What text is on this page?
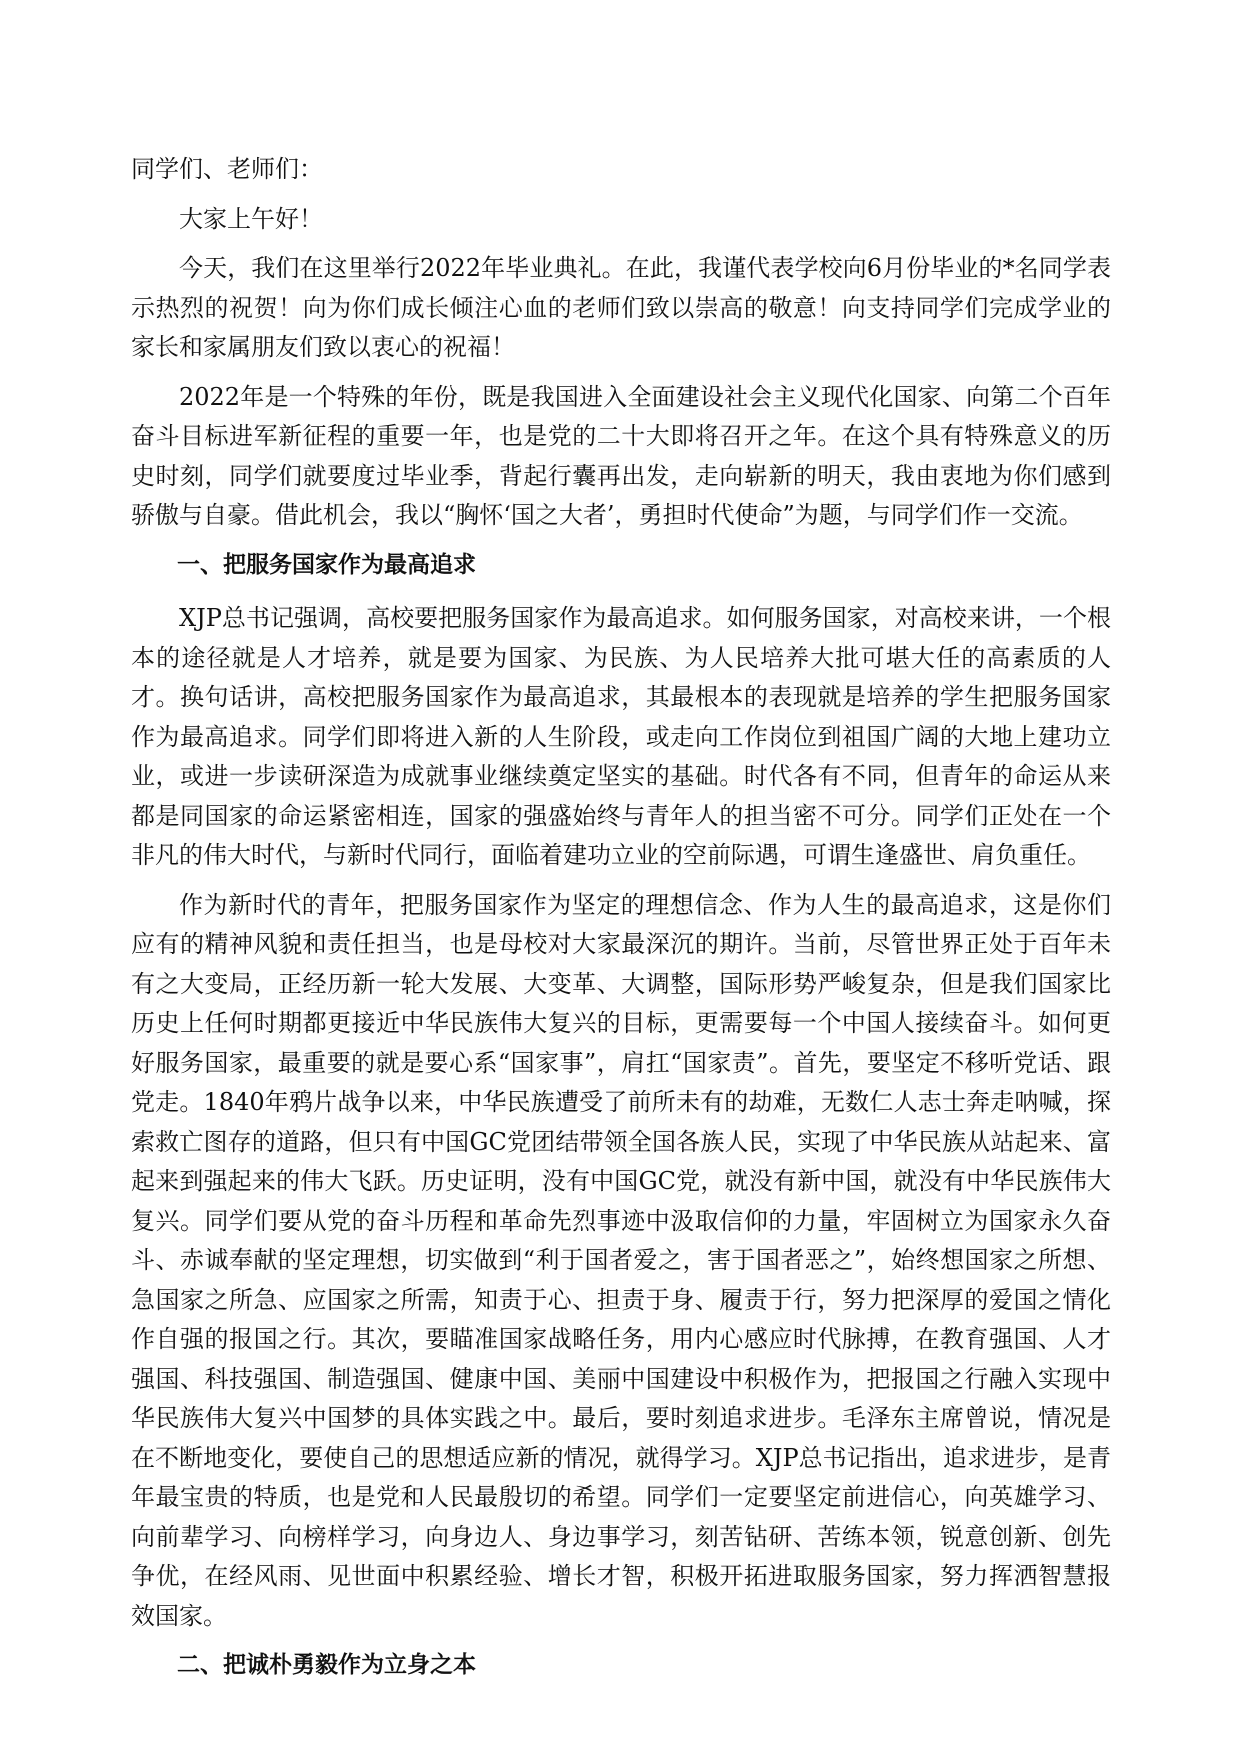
同学们、老师们：

大家上午好！

今天，我们在这里举行2022年毕业典礼。在此，我谨代表学校向6月份毕业的*名同学表示热烈的祝贺！向为你们成长倾注心血的老师们致以崇高的敬意！向支持同学们完成学业的家长和家属朋友们致以衷心的祝福！

2022年是一个特殊的年份，既是我国进入全面建设社会主义现代化国家、向第二个百年奋斗目标进军新征程的重要一年，也是党的二十大即将召开之年。在这个具有特殊意义的历史时刻，同学们就要度过毕业季，背起行囊再出发，走向崭新的明天，我由衷地为你们感到骄傲与自豪。借此机会，我以“胸怀‘国之大者’，勇担时代使命”为题，与同学们作一交流。

一、把服务国家作为最高追求

XJP总书记强调，高校要把服务国家作为最高追求。如何服务国家，对高校来讲，一个根本的途径就是人才培养，就是要为国家、为民族、为人民培养大批可堪大任的高素质的人才。换句话讲，高校把服务国家作为最高追求，其最根本的表现就是培养的学生把服务国家作为最高追求。同学们即将进入新的人生阶段，或走向工作岗位到祖国广阔的大地上建功立业，或进一步读研深造为成就事业继续奠定坚实的基础。时代各有不同，但青年的命运从来都是同国家的命运紧密相连，国家的强盛始终与青年人的担当密不可分。同学们正处在一个非凡的伟大时代，与新时代同行，面临着建功立业的空前际遇，可谓生逢盛世、肩负重任。

作为新时代的青年，把服务国家作为坚定的理想信念、作为人生的最高追求，这是你们应有的精神风貌和责任担当，也是母校对大家最深沉的期许。当前，尽管世界正处于百年未有之大变局，正经历新一轮大发展、大变革、大调整，国际形势严峻复杂，但是我们国家比历史上任何时期都更接近中华民族伟大复兴的目标，更需要每一个中国人接续奋斗。如何更好服务国家，最重要的就是要心系“国家事”，肩扛“国家责”。首先，要坚定不移听党话、跟党走。1840年鸦片战争以来，中华民族遭受了前所未有的劫难，无数仁人志士奔走呐喊，探索救亡图存的道路，但只有中国GC党团结带领全国各族人民，实现了中华民族从站起来、富起来到强起来的伟大飞跃。历史证明，没有中国GC党，就没有新中国，就没有中华民族伟大复兴。同学们要从党的奋斗历程和革命先烈事迹中汲取信仰的力量，牢固树立为国家永久奋斗、赤诚奉献的坚定理想，切实做到“利于国者爱之，害于国者恶之”，始终想国家之所想、急国家之所急、应国家之所需，知责于心、担责于身、履责于行，努力把深厚的爱国之情化作自强的报国之行。其次，要瞄准国家战略任务，用内心感应时代脉搏，在教育强国、人才强国、科技强国、制造强国、健康中国、美丽中国建设中积极作为，把报国之行融入实现中华民族伟大复兴中国梦的具体实践之中。最后，要时刻追求进步。毛泽东主席曾说，情况是在不断地变化，要使自己的思想适应新的情况，就得学习。XJP总书记指出，追求进步，是青年最宝贵的特质，也是党和人民最殷切的希望。同学们一定要坚定前进信心，向英雄学习、向前辈学习、向榜样学习，向身边人、身边事学习，刻苦钻研、苦练本领，锐意创新、创先争优，在经风雨、见世面中积累经验、增长才智，积极开拓进取服务国家，努力挥洒智慧报效国家。

二、把诚朴勇毅作为立身之本
